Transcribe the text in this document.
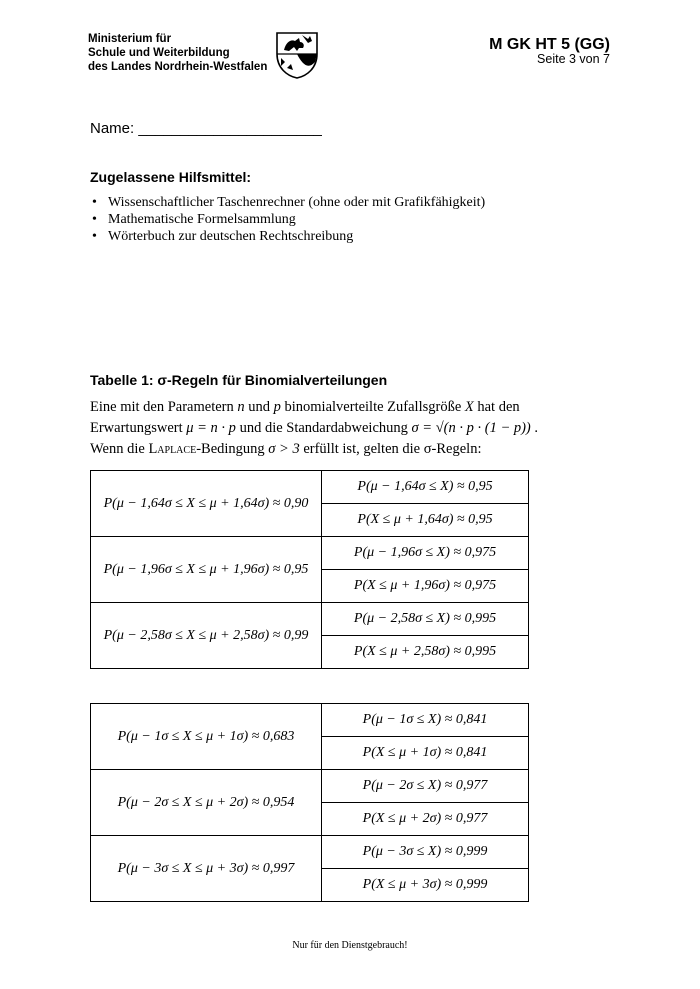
Ministerium für
Schule und Weiterbildung
des Landes Nordrhein-Westfalen
M GK HT 5 (GG)
Seite 3 von 7
Name: ______________________
Zugelassene Hilfsmittel:
• Wissenschaftlicher Taschenrechner (ohne oder mit Grafikfähigkeit)
• Mathematische Formelsammlung
• Wörterbuch zur deutschen Rechtschreibung
Tabelle 1: σ-Regeln für Binomialverteilungen
Eine mit den Parametern n und p binomialverteilte Zufallsgröße X hat den
Erwartungswert μ = n · p und die Standardabweichung σ = √(n · p · (1 − p)) .
Wenn die Laplace-Bedingung σ > 3 erfüllt ist, gelten die σ-Regeln:
P(μ − 1,64σ ≤ X ≤ μ + 1,64σ) ≈ 0,90	P(μ − 1,64σ ≤ X) ≈ 0,95
	P(X ≤ μ + 1,64σ) ≈ 0,95
P(μ − 1,96σ ≤ X ≤ μ + 1,96σ) ≈ 0,95	P(μ − 1,96σ ≤ X) ≈ 0,975
	P(X ≤ μ + 1,96σ) ≈ 0,975
P(μ − 2,58σ ≤ X ≤ μ + 2,58σ) ≈ 0,99	P(μ − 2,58σ ≤ X) ≈ 0,995
	P(X ≤ μ + 2,58σ) ≈ 0,995
P(μ − 1σ ≤ X ≤ μ + 1σ) ≈ 0,683	P(μ − 1σ ≤ X) ≈ 0,841
	P(X ≤ μ + 1σ) ≈ 0,841
P(μ − 2σ ≤ X ≤ μ + 2σ) ≈ 0,954	P(μ − 2σ ≤ X) ≈ 0,977
	P(X ≤ μ + 2σ) ≈ 0,977
P(μ − 3σ ≤ X ≤ μ + 3σ) ≈ 0,997	P(μ − 3σ ≤ X) ≈ 0,999
	P(X ≤ μ + 3σ) ≈ 0,999
Nur für den Dienstgebrauch!
